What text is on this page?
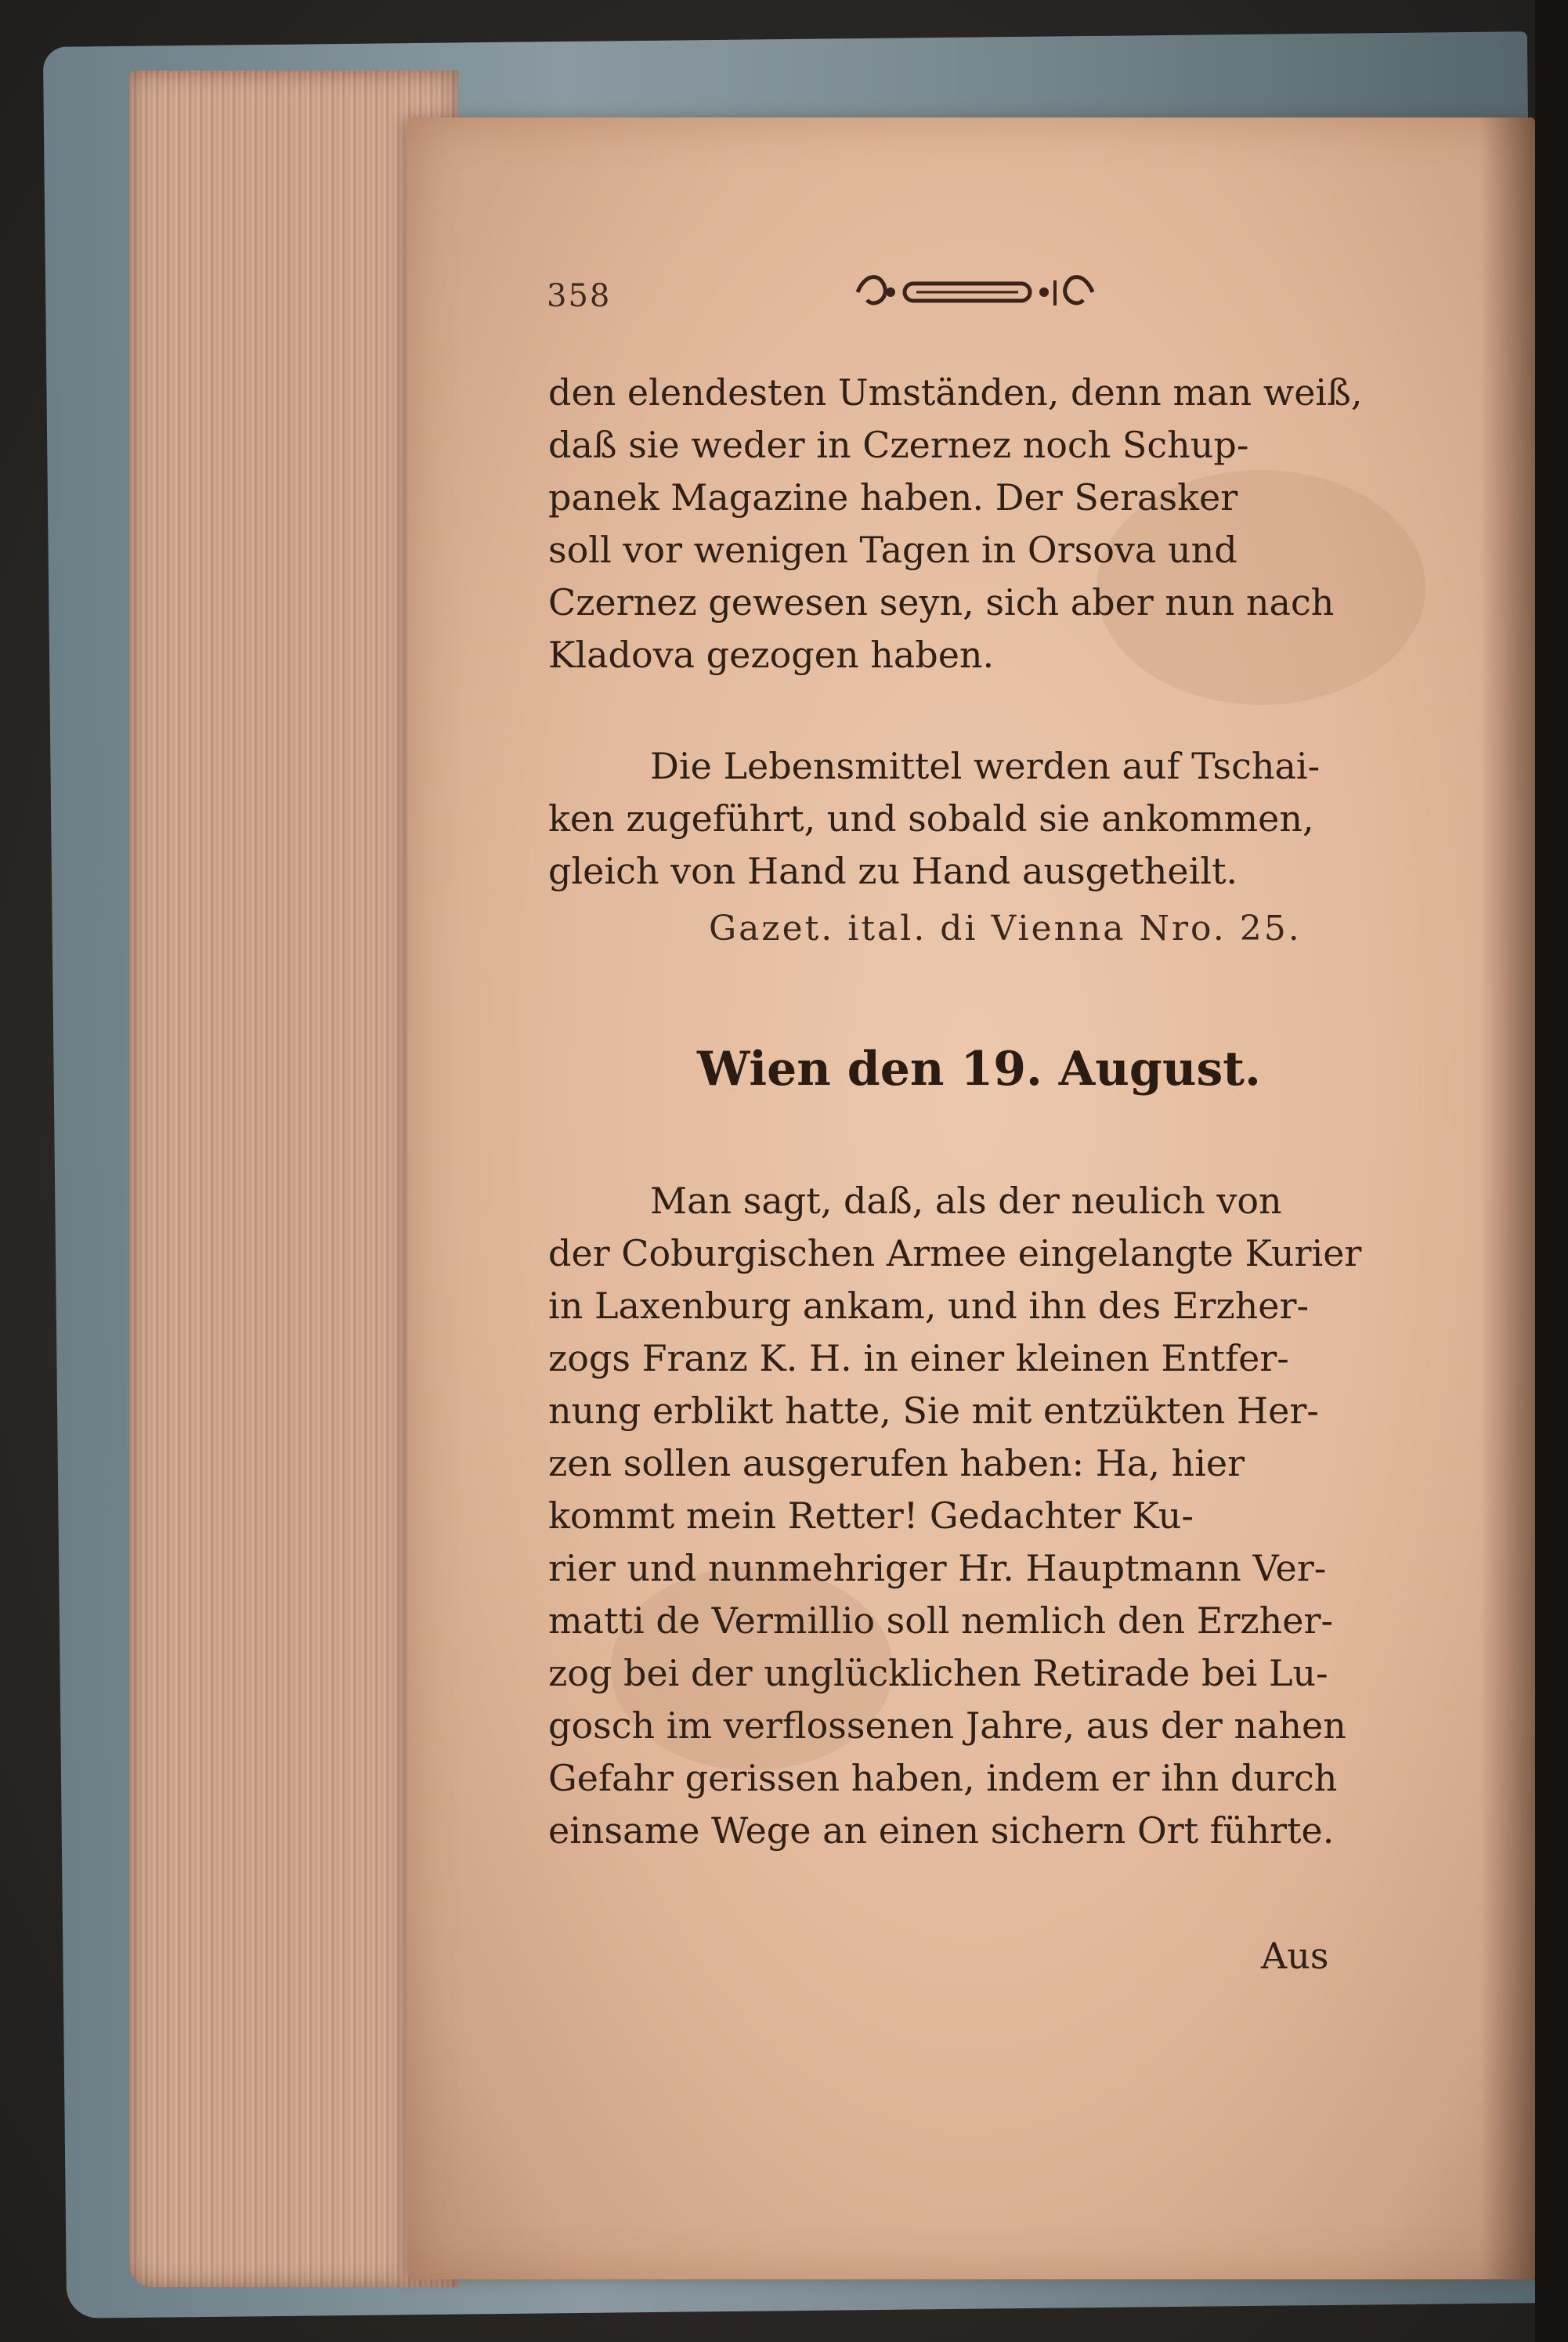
358
den elendesten Umständen, denn man weiß,
daß sie weder in Czernez noch Schup-
panek Magazine haben. Der Serasker
soll vor wenigen Tagen in Orsova und
Czernez gewesen seyn, sich aber nun nach
Kladova gezogen haben.
Die Lebensmittel werden auf Tschai-
ken zugeführt, und sobald sie ankommen,
gleich von Hand zu Hand ausgetheilt.
Gazet. ital. di Vienna Nro. 25.
Wien den 19. August.
Man sagt, daß, als der neulich von
der Coburgischen Armee eingelangte Kurier
in Laxenburg ankam, und ihn des Erzher-
zogs Franz K. H. in einer kleinen Entfer-
nung erblikt hatte, Sie mit entzükten Her-
zen sollen ausgerufen haben: Ha, hier
kommt mein Retter! Gedachter Ku-
rier und nunmehriger Hr. Hauptmann Ver-
matti de Vermillio soll nemlich den Erzher-
zog bei der unglücklichen Retirade bei Lu-
gosch im verflossenen Jahre, aus der nahen
Gefahr gerissen haben, indem er ihn durch
einsame Wege an einen sichern Ort führte.
Aus
